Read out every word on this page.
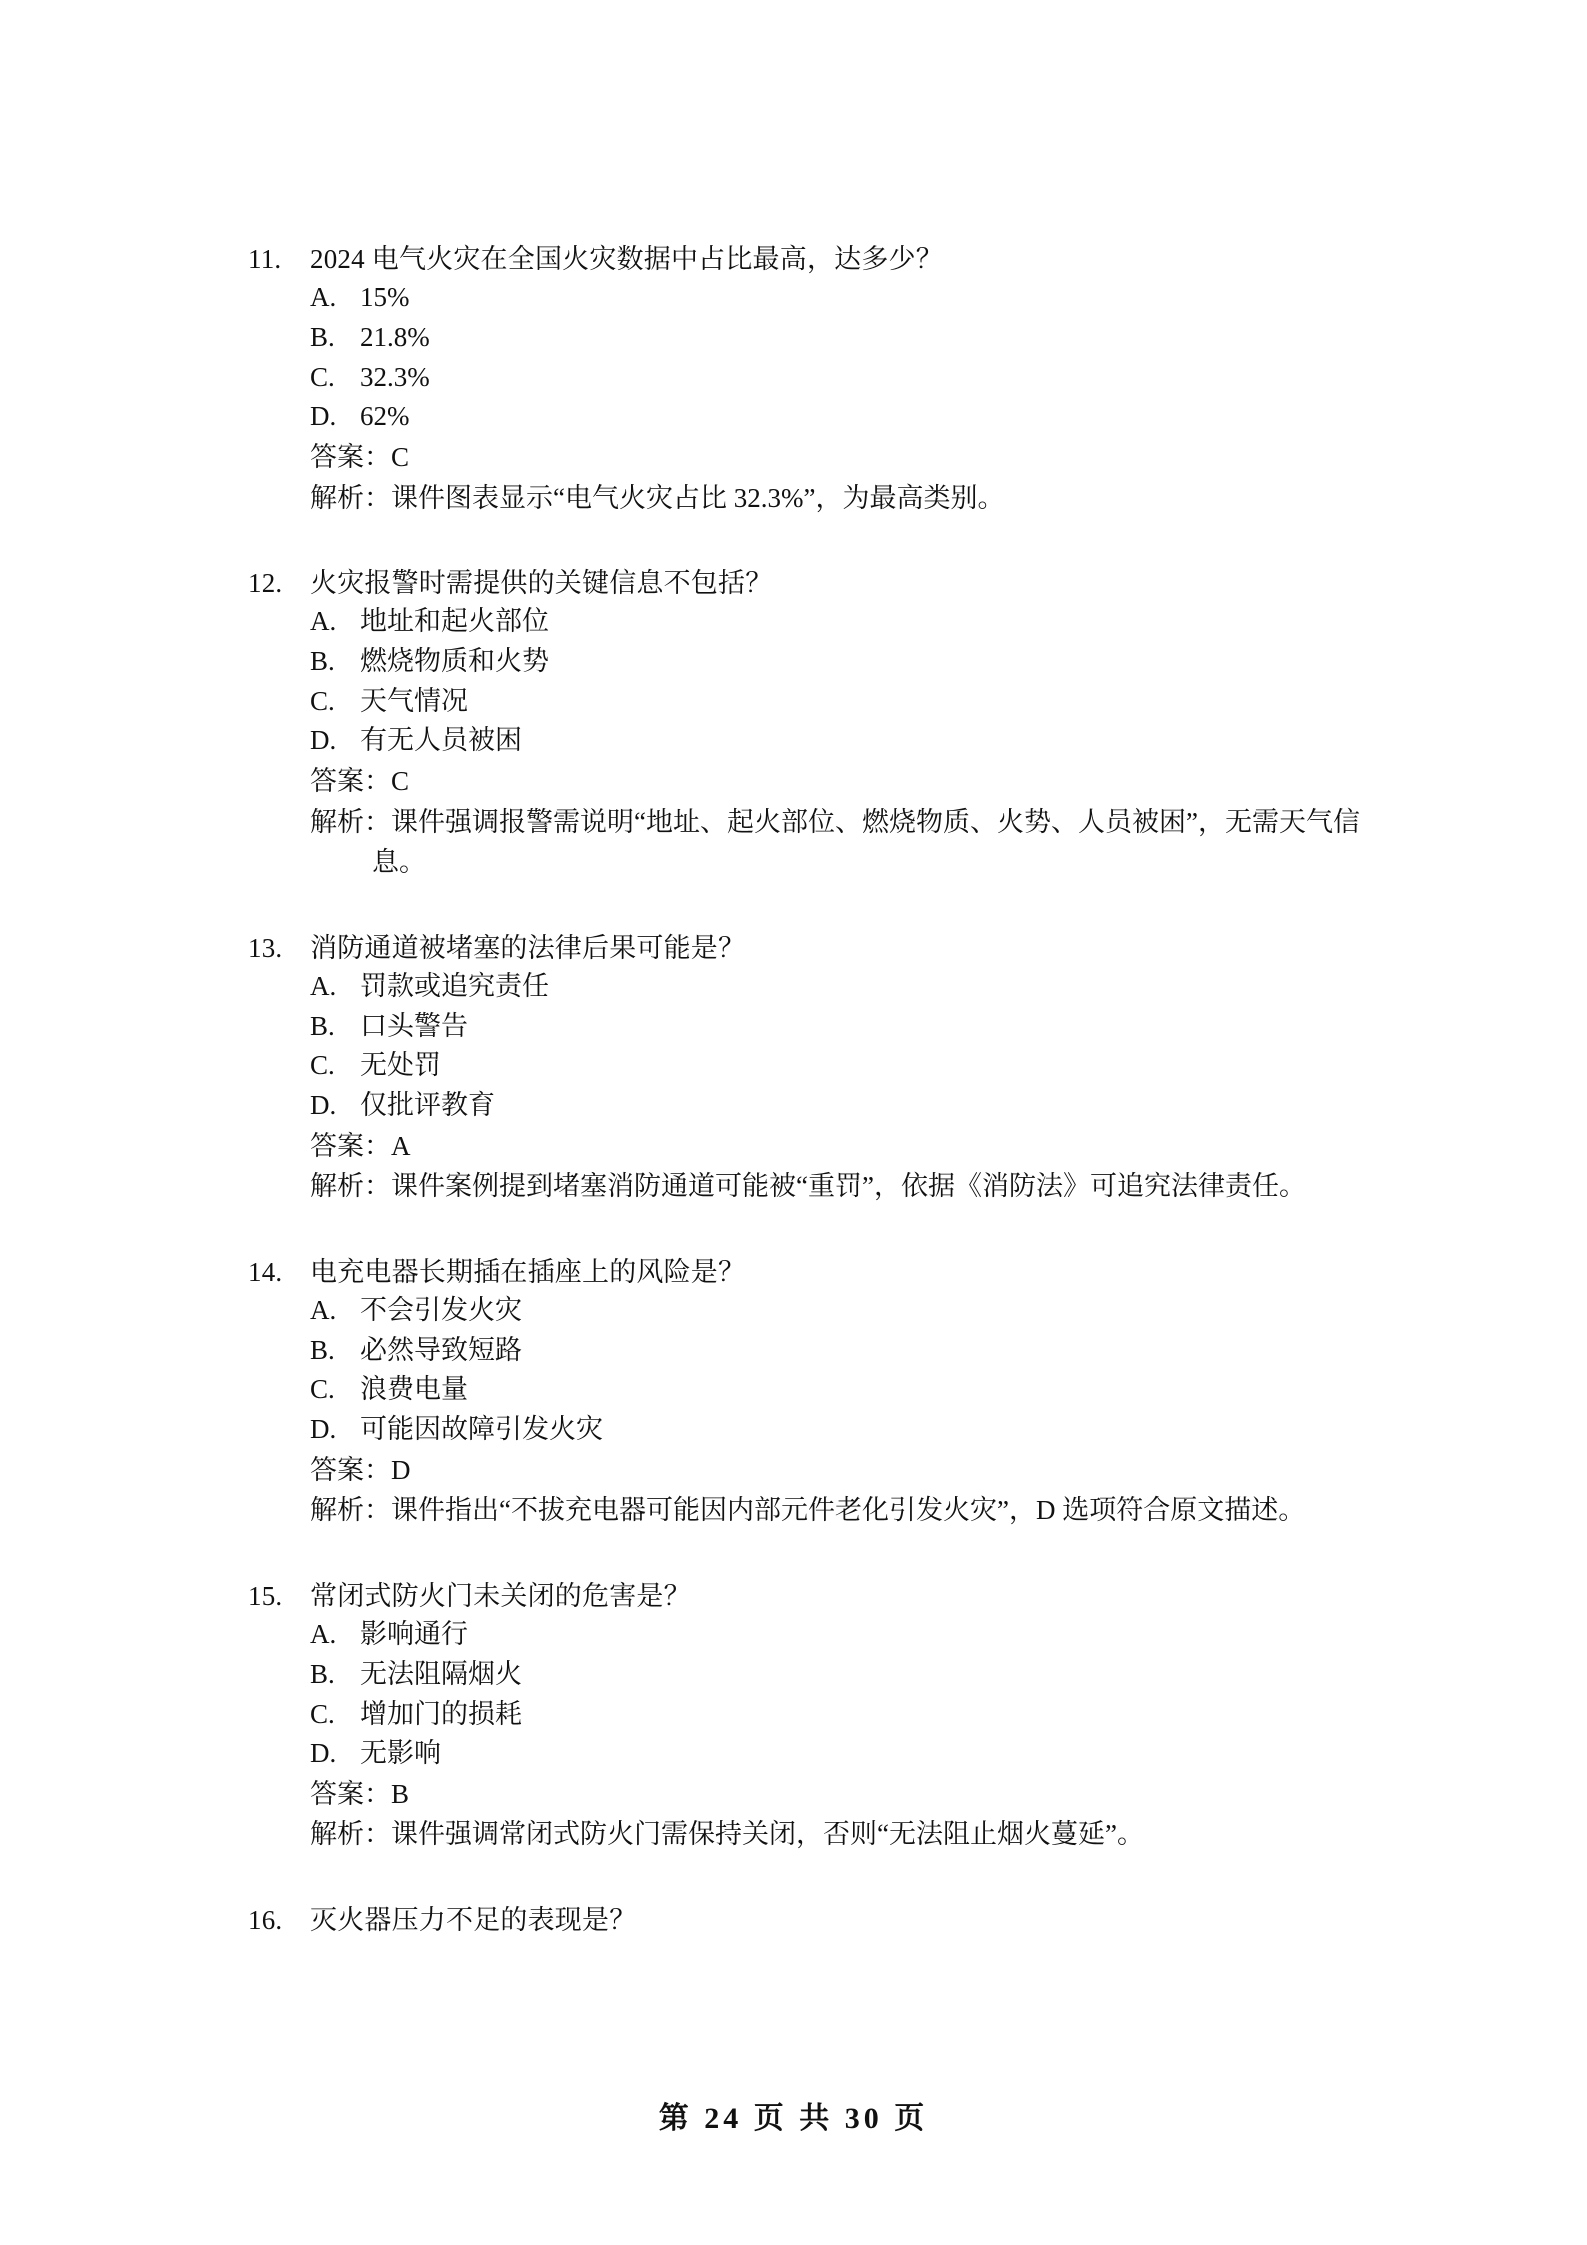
11.	2024 电气火灾在全国火灾数据中占比最高，达多少？
A. 15%
B. 21.8%
C. 32.3%
D. 62%
答案：C
解析：课件图表显示“电气火灾占比 32.3%”，为最高类别。
12.	火灾报警时需提供的关键信息不包括？
A. 地址和起火部位
B. 燃烧物质和火势
C. 天气情况
D. 有无人员被困
答案：C
解析：课件强调报警需说明“地址、起火部位、燃烧物质、火势、人员被困”，无需天气信息。
13.	消防通道被堵塞的法律后果可能是？
A. 罚款或追究责任
B. 口头警告
C. 无处罚
D. 仅批评教育
答案：A
解析：课件案例提到堵塞消防通道可能被“重罚”，依据《消防法》可追究法律责任。
14.	电充电器长期插在插座上的风险是？
A. 不会引发火灾
B. 必然导致短路
C. 浪费电量
D. 可能因故障引发火灾
答案：D
解析：课件指出“不拔充电器可能因内部元件老化引发火灾”，D 选项符合原文描述。
15.	常闭式防火门未关闭的危害是？
A. 影响通行
B. 无法阻隔烟火
C. 增加门的损耗
D. 无影响
答案：B
解析：课件强调常闭式防火门需保持关闭，否则“无法阻止烟火蔓延”。
16.	灭火器压力不足的表现是？
第 24 页 共 30 页
